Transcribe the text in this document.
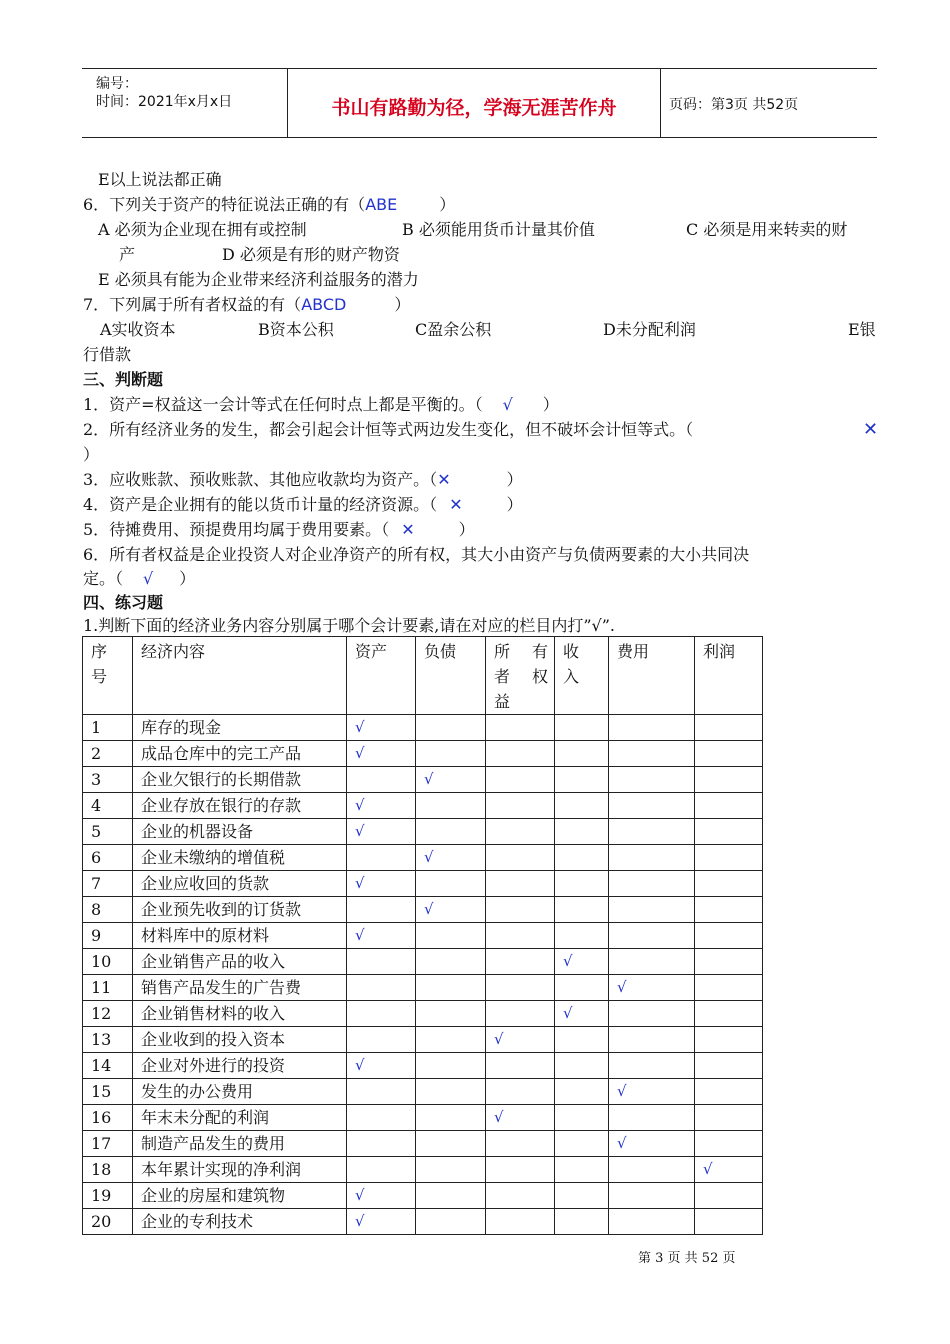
编号：
时间：2021年x月x日	书山有路勤为径，学海无涯苦作舟	页码：第3页 共52页
E以上说法都正确
6．下列关于资产的特征说法正确的有（ABE	）
A 必须为企业现在拥有或控制	B 必须能用货币计量其价值	C 必须是用来转卖的财
产	D 必须是有形的财产物资
E 必须具有能为企业带来经济利益服务的潜力
7．下列属于所有者权益的有（ABCD	）
A实收资本	B资本公积	C盈余公积	D未分配利润	E银
行借款
三、判断题
1．资产=权益这一会计等式在任何时点上都是平衡的。（ √ ）
2．所有经济业务的发生，都会引起会计恒等式两边发生变化，但不破坏会计恒等式。（	✕
）
3．应收账款、预收账款、其他应收款均为资产。（✕	）
4．资产是企业拥有的能以货币计量的经济资源。（ ✕	）
5．待摊费用、预提费用均属于费用要素。（ ✕	）
6．所有者权益是企业投资人对企业净资产的所有权，其大小由资产与负债两要素的大小共同决
定。（ √ ）
四、练习题
1.判断下面的经济业务内容分别属于哪个会计要素,请在对应的栏目内打”√”.
序号	经济内容	资产	负债	所 有 者 权 益	收入	费用	利润
1	库存的现金	√					
2	成品仓库中的完工产品	√					
3	企业欠银行的长期借款		√				
4	企业存放在银行的存款	√					
5	企业的机器设备	√					
6	企业未缴纳的增值税		√				
7	企业应收回的货款	√					
8	企业预先收到的订货款		√				
9	材料库中的原材料	√					
10	企业销售产品的收入				√		
11	销售产品发生的广告费					√	
12	企业销售材料的收入				√		
13	企业收到的投入资本			√			
14	企业对外进行的投资	√					
15	发生的办公费用					√	
16	年末未分配的利润			√			
17	制造产品发生的费用					√	
18	本年累计实现的净利润						√
19	企业的房屋和建筑物	√					
20	企业的专利技术	√					
第 3 页 共 52 页
